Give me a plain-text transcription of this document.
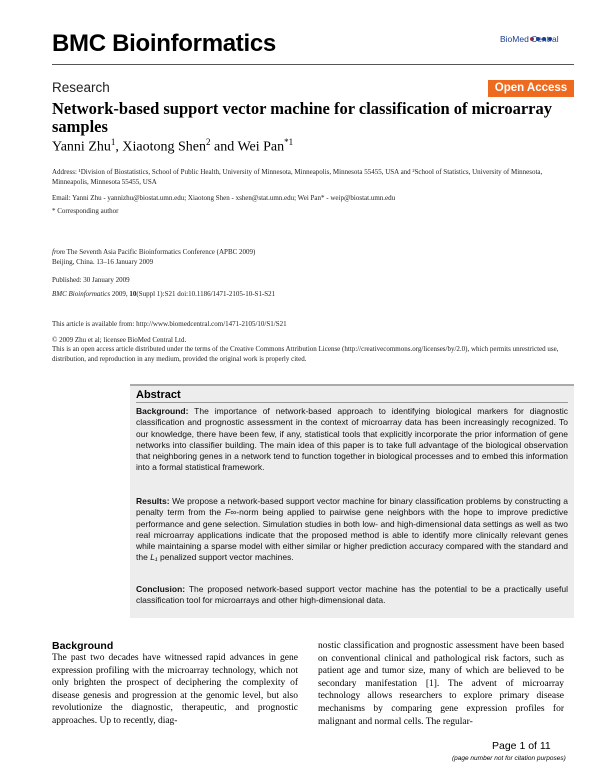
BMC Bioinformatics	BioMed Central
Research	Open Access
Network-based support vector machine for classification of microarray samples
Yanni Zhu$^1$, Xiaotong Shen$^2$ and Wei Pan$^{*1}$
Address: ¹Division of Biostatistics, School of Public Health, University of Minnesota, Minneapolis, Minnesota 55455, USA and ²School of Statistics, University of Minnesota, Minneapolis, Minnesota 55455, USA
Email: Yanni Zhu - yannizhu@biostat.umn.edu; Xiaotong Shen - xshen@stat.umn.edu; Wei Pan* - weip@biostat.umn.edu
* Corresponding author
from The Seventh Asia Pacific Bioinformatics Conference (APBC 2009)
Beijing, China. 13–16 January 2009
Published: 30 January 2009
BMC Bioinformatics 2009, 10(Suppl 1):S21 doi:10.1186/1471-2105-10-S1-S21
This article is available from: http://www.biomedcentral.com/1471-2105/10/S1/S21
© 2009 Zhu et al; licensee BioMed Central Ltd.
This is an open access article distributed under the terms of the Creative Commons Attribution License (http://creativecommons.org/licenses/by/2.0), which permits unrestricted use, distribution, and reproduction in any medium, provided the original work is properly cited.
Abstract
Background: The importance of network-based approach to identifying biological markers for diagnostic classification and prognostic assessment in the context of microarray data has been increasingly recognized. To our knowledge, there have been few, if any, statistical tools that explicitly incorporate the prior information of gene networks into classifier building. The main idea of this paper is to take full advantage of the biological observation that neighboring genes in a network tend to function together in biological processes and to embed this information into a formal statistical framework.
Results: We propose a network-based support vector machine for binary classification problems by constructing a penalty term from the F∞-norm being applied to pairwise gene neighbors with the hope to improve predictive performance and gene selection. Simulation studies in both low- and high-dimensional data settings as well as two real microarray applications indicate that the proposed method is able to identify more clinically relevant genes while maintaining a sparse model with either similar or higher prediction accuracy compared with the standard and the L₁ penalized support vector machines.
Conclusion: The proposed network-based support vector machine has the potential to be a practically useful classification tool for microarrays and other high-dimensional data.
Background
The past two decades have witnessed rapid advances in gene expression profiling with the microarray technology, which not only brighten the prospect of deciphering the complexity of disease genesis and progression at the genomic level, but also revolutionize the diagnostic, therapeutic, and prognostic approaches. Up to recently, diag-
nostic classification and prognostic assessment have been based on conventional clinical and pathological risk factors, such as patient age and tumor size, many of which are believed to be secondary manifestation [1]. The advent of microarray technology allows researchers to explore primary disease mechanisms by comparing gene expression profiles for malignant and normal cells. The regular-
Page 1 of 11
(page number not for citation purposes)
